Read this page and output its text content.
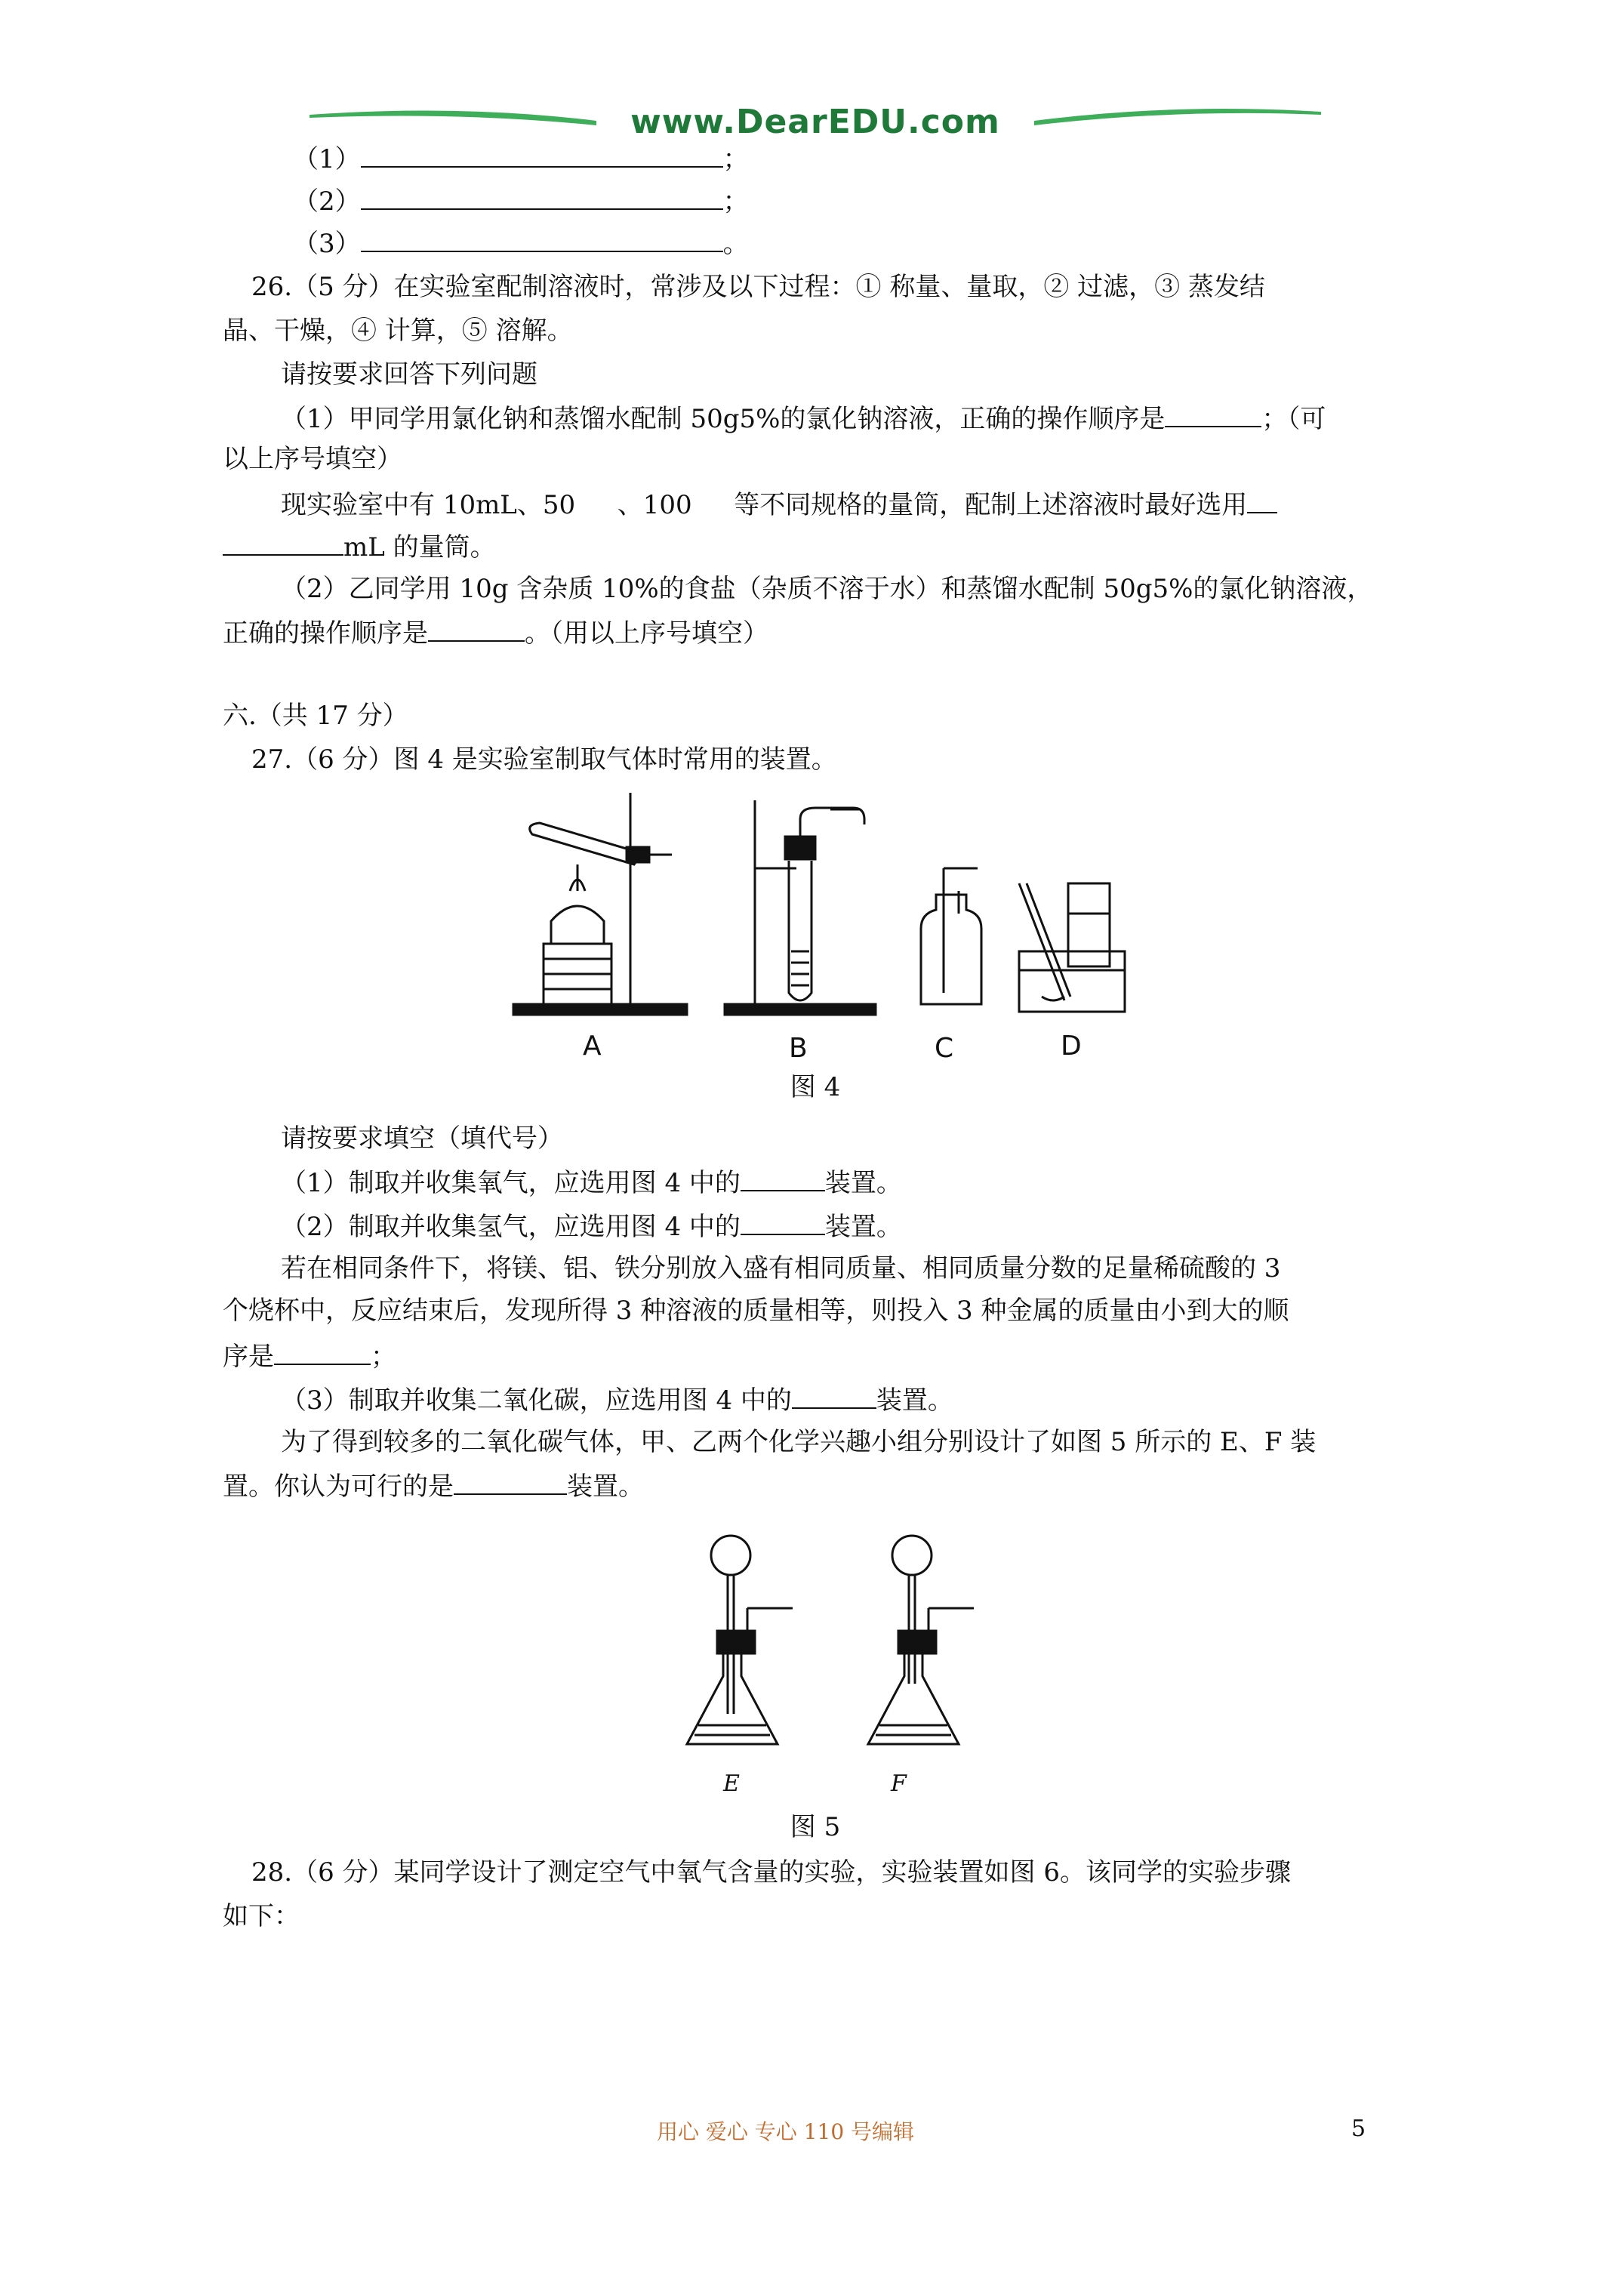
www.DearEDU.com
（1）	；
（2）	；
（3）	。
26.（5 分）在实验室配制溶液时，常涉及以下过程：① 称量、量取，② 过滤，③ 蒸发结
晶、干燥，④ 计算，⑤ 溶解。
请按要求回答下列问题
（1）甲同学用氯化钠和蒸馏水配制 50g5%的氯化钠溶液，正确的操作顺序是	；（可
以上序号填空）
现实验室中有 10mL、50 　 、100 　 等不同规格的量筒，配制上述溶液时最好选用
mL 的量筒。
（2）乙同学用 10g 含杂质 10%的食盐（杂质不溶于水）和蒸馏水配制 50g5%的氯化钠溶液，
正确的操作顺序是	。（用以上序号填空）
六.（共 17 分）
27.（6 分）图 4 是实验室制取气体时常用的装置。
A	B	C	D
图 4
请按要求填空（填代号）
（1）制取并收集氧气，应选用图 4 中的	装置。
（2）制取并收集氢气，应选用图 4 中的	装置。
若在相同条件下，将镁、铝、铁分别放入盛有相同质量、相同质量分数的足量稀硫酸的 3
个烧杯中，反应结束后，发现所得 3 种溶液的质量相等，则投入 3 种金属的质量由小到大的顺
序是	；
（3）制取并收集二氧化碳，应选用图 4 中的	装置。
为了得到较多的二氧化碳气体，甲、乙两个化学兴趣小组分别设计了如图 5 所示的 E、F 装
置。你认为可行的是	装置。
E	F
图 5
28.（6 分）某同学设计了测定空气中氧气含量的实验，实验装置如图 6。该同学的实验步骤
如下：
用心 爱心 专心 110 号编辑	5
